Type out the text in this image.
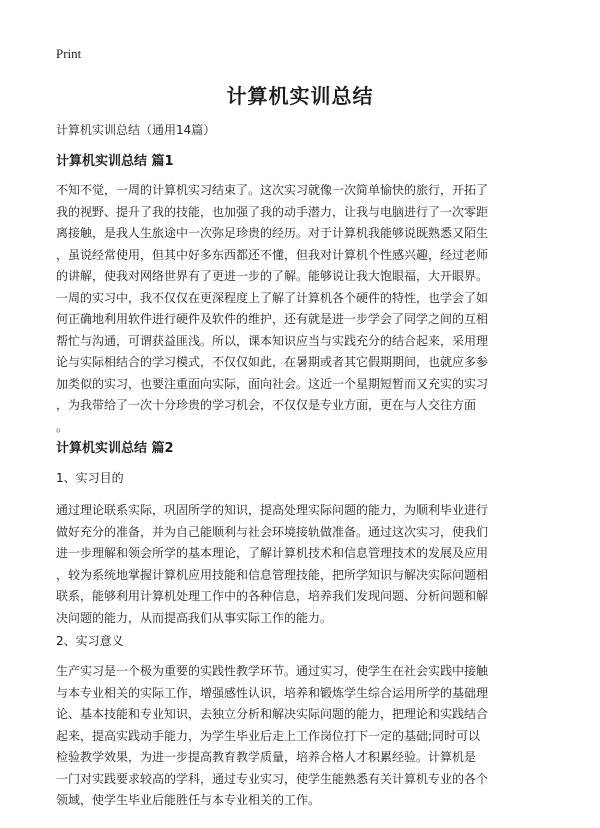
Print
计算机实训总结
计算机实训总结（通用14篇）
计算机实训总结 篇1

不知不觉，一周的计算机实习结束了。这次实习就像一次简单愉快的旅行，开拓了
我的视野、提升了我的技能，也加强了我的动手潜力，让我与电脑进行了一次零距
离接触，是我人生旅途中一次弥足珍贵的经历。对于计算机我能够说既熟悉又陌生
，虽说经常使用，但其中好多东西都还不懂，但我对计算机个性感兴趣，经过老师
的讲解，使我对网络世界有了更进一步的了解。能够说让我大饱眼福，大开眼界。
一周的实习中，我不仅仅在更深程度上了解了计算机各个硬件的特性，也学会了如
何正确地利用软件进行硬件及软件的维护，还有就是进一步学会了同学之间的互相
帮忙与沟通，可谓获益匪浅。所以，课本知识应当与实践充分的结合起来，采用理
论与实际相结合的学习模式，不仅仅如此，在暑期或者其它假期期间，也就应多参
加类似的实习，也要注重面向实际，面向社会。这近一个星期短暂而又充实的实习
，为我带给了一次十分珍贵的学习机会，不仅仅是专业方面，更在与人交往方面
。

计算机实训总结 篇2
1、实习目的

通过理论联系实际，巩固所学的知识，提高处理实际问题的能力，为顺利毕业进行
做好充分的准备，并为自己能顺利与社会环境接轨做准备。通过这次实习，使我们
进一步理解和领会所学的基本理论，了解计算机技术和信息管理技术的发展及应用
，较为系统地掌握计算机应用技能和信息管理技能，把所学知识与解决实际问题相
联系，能够利用计算机处理工作中的各种信息，培养我们发现问题、分析问题和解
决问题的能力，从而提高我们从事实际工作的能力。

2、实习意义

生产实习是一个极为重要的实践性教学环节。通过实习，使学生在社会实践中接触
与本专业相关的实际工作，增强感性认识，培养和锻炼学生综合运用所学的基础理
论、基本技能和专业知识，去独立分析和解决实际问题的能力，把理论和实践结合
起来，提高实践动手能力，为学生毕业后走上工作岗位打下一定的基础;同时可以
检验教学效果，为进一步提高教育教学质量，培养合格人才积累经验。计算机是
一门对实践要求较高的学科，通过专业实习，使学生能熟悉有关计算机专业的各个
领域，使学生毕业后能胜任与本专业相关的工作。
